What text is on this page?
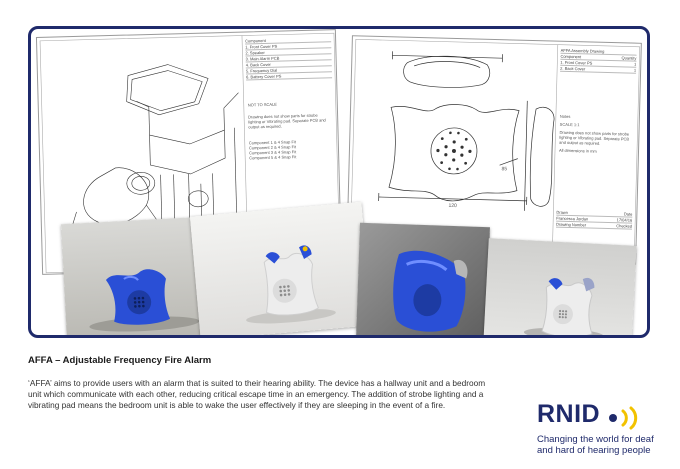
Component
1. Front Cover PS
2. Speaker
3. Main Alarm PCB
4. Back Cover
5. Frequency Dial
6. Battery Cover PS
NOT TO SCALE
Drawing does not show parts for strobe lighting or Vibrating pad. Separate PCB and output as required.
Component 1 & 4 Snap Fit
Component 2 & 4 Snap Fit
Component 3 & 4 Snap Fit
Component 5 & 4 Snap Fit
120
85
AFFA Assembly Drawing
Component	Quantity
1. Front Cover PS	1
2. Back Cover	1
Notes
SCALE 1:1
Drawing does not show parts for strobe lighting or Vibrating pad. Separate PCB and output as required.
All dimensions in mm
Drawn	Date
Francesca Jordan	17/04/16
Drawing Number	Checked
AFFA – Adjustable Frequency Fire Alarm
‘AFFA’ aims to provide users with an alarm that is suited to their hearing ability. The device has a hallway unit and a bedroom unit which communicate with each other, reducing critical escape time in an emergency. The addition of strobe lighting and a vibrating pad means the bedroom unit is able to wake the user effectively if they are sleeping in the event of a fire.	RNID
Changing the world for deaf
and hard of hearing people
